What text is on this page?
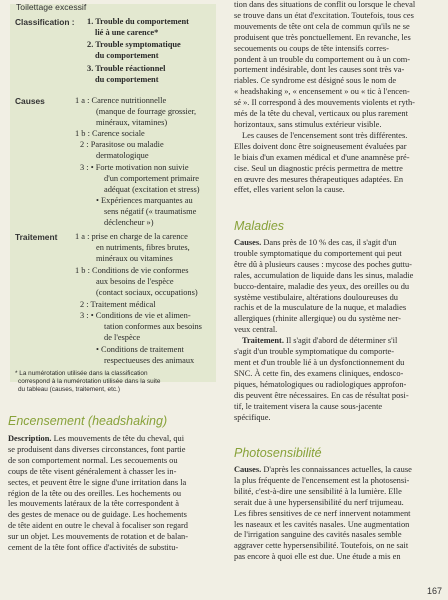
Toilettage excessif
Classification : 1. Trouble du comportement
lié à une carence*
2. Trouble symptomatique
du comportement
3. Trouble réactionnel
du comportement
Causes	1 a : Carence nutritionnelle
(manque de fourrage grossier,
minéraux, vitamines)
1 b : Carence sociale
2 : Parasitose ou maladie
dermatologique
3 : • Forte motivation non suivie
d'un comportement primaire
adéquat (excitation et stress)
• Expériences marquantes au
sens négatif (« traumatisme
déclencheur »)
Traitement 1 a : prise en charge de la carence
en nutriments, fibres brutes,
minéraux ou vitamines
1 b : Conditions de vie conformes
aux besoins de l'espèce
(contact sociaux, occupations)
2 : Traitement médical
3 : • Conditions de vie et alimen-
tation conformes aux besoins
de l'espèce
• Conditions de traitement
respectueuses des animaux
* La numérotation utilisée dans la classification
correspond à la numérotation utilisée dans la suite
du tableau (causes, traitement, etc.)
Encensement (headshaking)
Description. Les mouvements de tête du cheval, qui
se produisent dans diverses circonstances, font partie
de son comportement normal. Les secouements ou
coups de tête visent généralement à chasser les in-
sectes, et peuvent être le signe d'une irritation dans la
région de la tête ou des oreilles. Les hochements ou
les mouvements latéraux de la tête correspondent à
des gestes de menace ou de guidage. Les hochements
de tête aident en outre le cheval à focaliser son regard
sur un objet. Les mouvements de rotation et de balan-
cement de la tête font office d'activités de substitu-
tion dans des situations de conflit ou lorsque le cheval
se trouve dans un état d'excitation. Toutefois, tous ces
mouvements de tête ont cela de commun qu'ils ne se
produisent que très ponctuellement. En revanche, les
secouements ou coups de tête intensifs corres-
pondent à un trouble du comportement ou à un com-
portement indésirable, dont les causes sont très va-
riables. Ce syndrome est désigné sous le nom de
« headshaking », « encensement » ou « tic à l'encen-
sé ». Il correspond à des mouvements violents et ryth-
més de la tête du cheval, verticaux ou plus rarement
horizontaux, sans stimulus extérieur visible.
Les causes de l'encensement sont très différentes.
Elles doivent donc être soigneusement évaluées par
le biais d'un examen médical et d'une anamnèse pré-
cise. Seul un diagnostic précis permettra de mettre
en œuvre des mesures thérapeutiques adaptées. En
effet, elles varient selon la cause.
Maladies
Causes. Dans près de 10 % des cas, il s'agit d'un
trouble symptomatique du comportement qui peut
être dû à plusieurs causes : mycose des poches guttu-
rales, accumulation de liquide dans les sinus, maladie
bucco-dentaire, maladie des yeux, des oreilles ou du
système vestibulaire, altérations douloureuses du
rachis et de la musculature de la nuque, et maladies
allergiques (rhinite allergique) ou du système ner-
veux central.
Traitement. Il s'agit d'abord de déterminer s'il
s'agit d'un trouble symptomatique du comporte-
ment et d'un trouble lié à un dysfonctionnement du
SNC. À cette fin, des examens cliniques, endosco-
piques, hématologiques ou radiologiques approfon-
dis peuvent être nécessaires. En cas de résultat posi-
tif, le traitement visera la cause sous-jacente
spécifique.
Photosensibilité
Causes. D'après les connaissances actuelles, la cause
la plus fréquente de l'encensement est la photosensi-
bilité, c'est-à-dire une sensibilité à la lumière. Elle
serait due à une hypersensibilité du nerf trijumeau.
Les fibres sensitives de ce nerf innervent notamment
les naseaux et les cavités nasales. Une augmentation
de l'irrigation sanguine des cavités nasales semble
aggraver cette hypersensibilité. Toutefois, on ne sait
pas encore à quoi elle est due. Une étude a mis en
167
